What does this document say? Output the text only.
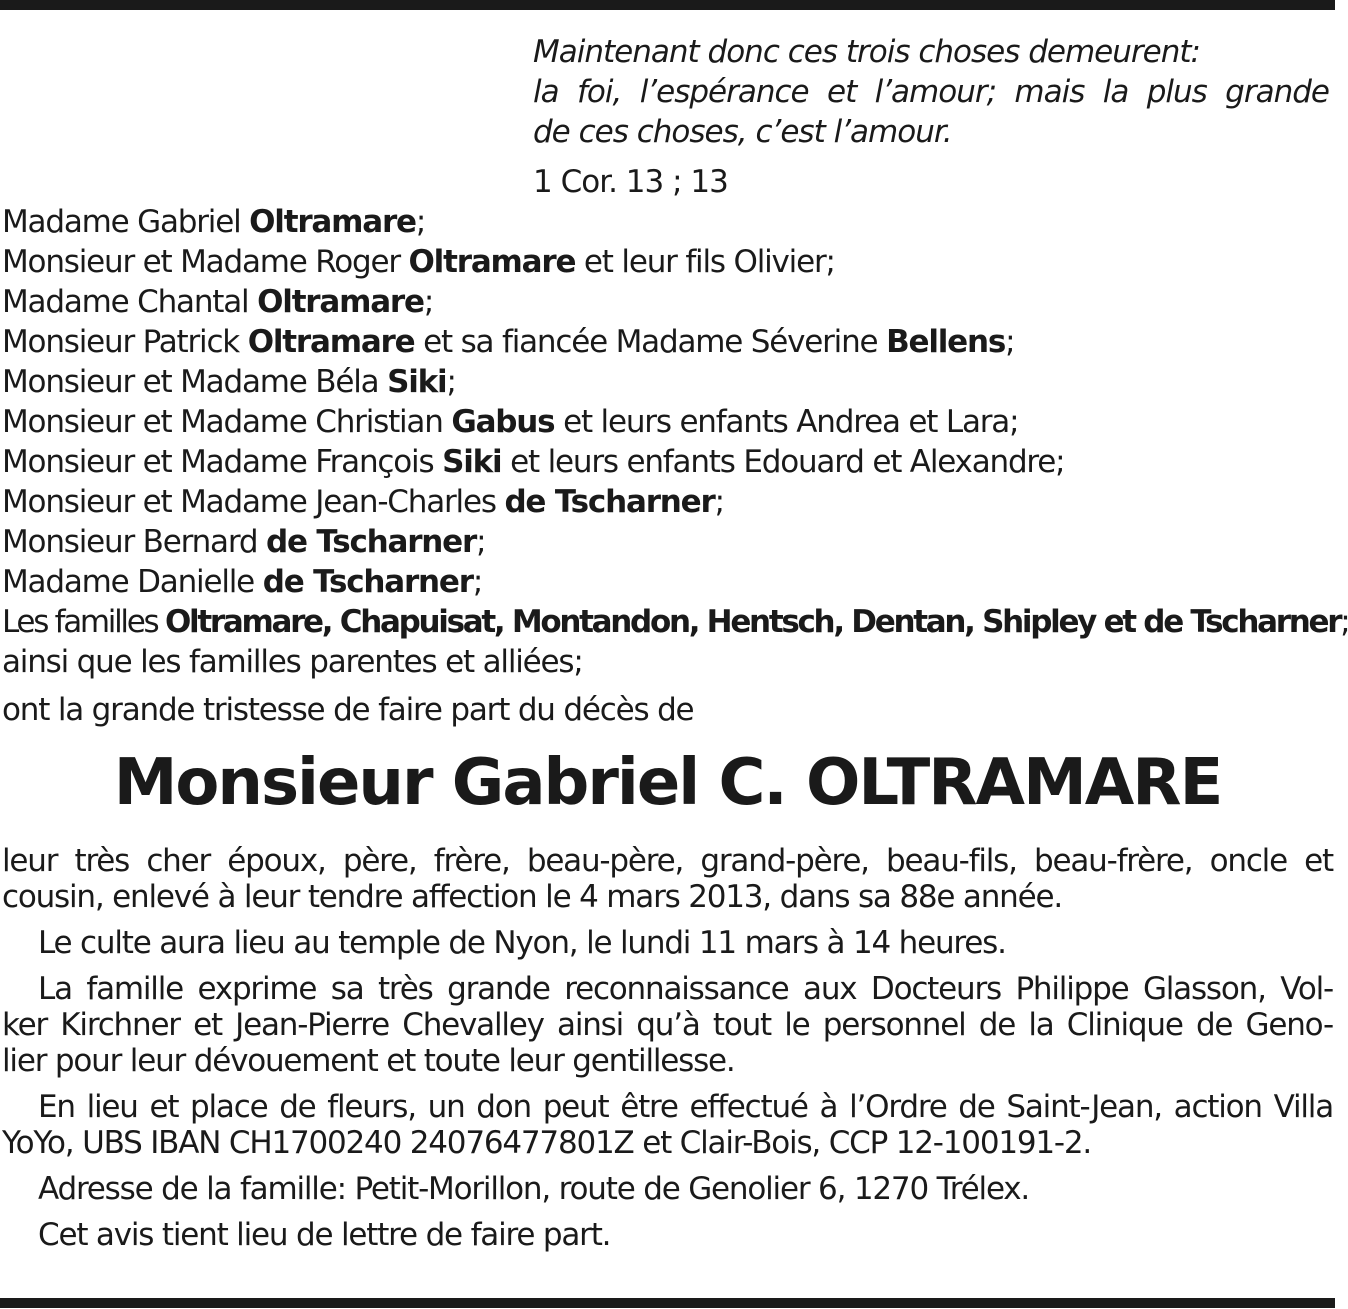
Maintenant donc ces trois choses demeurent:
la foi, l’espérance et l’amour; mais la plus grande
de ces choses, c’est l’amour.
1 Cor. 13 ; 13
Madame Gabriel Oltramare;
Monsieur et Madame Roger Oltramare et leur fils Olivier;
Madame Chantal Oltramare;
Monsieur Patrick Oltramare et sa fiancée Madame Séverine Bellens;
Monsieur et Madame Béla Siki;
Monsieur et Madame Christian Gabus et leurs enfants Andrea et Lara;
Monsieur et Madame François Siki et leurs enfants Edouard et Alexandre;
Monsieur et Madame Jean-Charles de Tscharner;
Monsieur Bernard de Tscharner;
Madame Danielle de Tscharner;
Les familles Oltramare, Chapuisat, Montandon, Hentsch, Dentan, Shipley et de Tscharner;
ainsi que les familles parentes et alliées;
ont la grande tristesse de faire part du décès de
Monsieur Gabriel C. OLTRAMARE

leur très cher époux, père, frère, beau-père, grand-père, beau-fils, beau-frère, oncle et
cousin, enlevé à leur tendre affection le 4 mars 2013, dans sa 88e année.

Le culte aura lieu au temple de Nyon, le lundi 11 mars à 14 heures.

La famille exprime sa très grande reconnaissance aux Docteurs Philippe Glasson, Vol-
ker Kirchner et Jean-Pierre Chevalley ainsi qu’à tout le personnel de la Clinique de Geno-
lier pour leur dévouement et toute leur gentillesse.

En lieu et place de fleurs, un don peut être effectué à l’Ordre de Saint-Jean, action Villa
YoYo, UBS IBAN CH1700240 24076477801Z et Clair-Bois, CCP 12-100191-2.

Adresse de la famille: Petit-Morillon, route de Genolier 6, 1270 Trélex.

Cet avis tient lieu de lettre de faire part.
